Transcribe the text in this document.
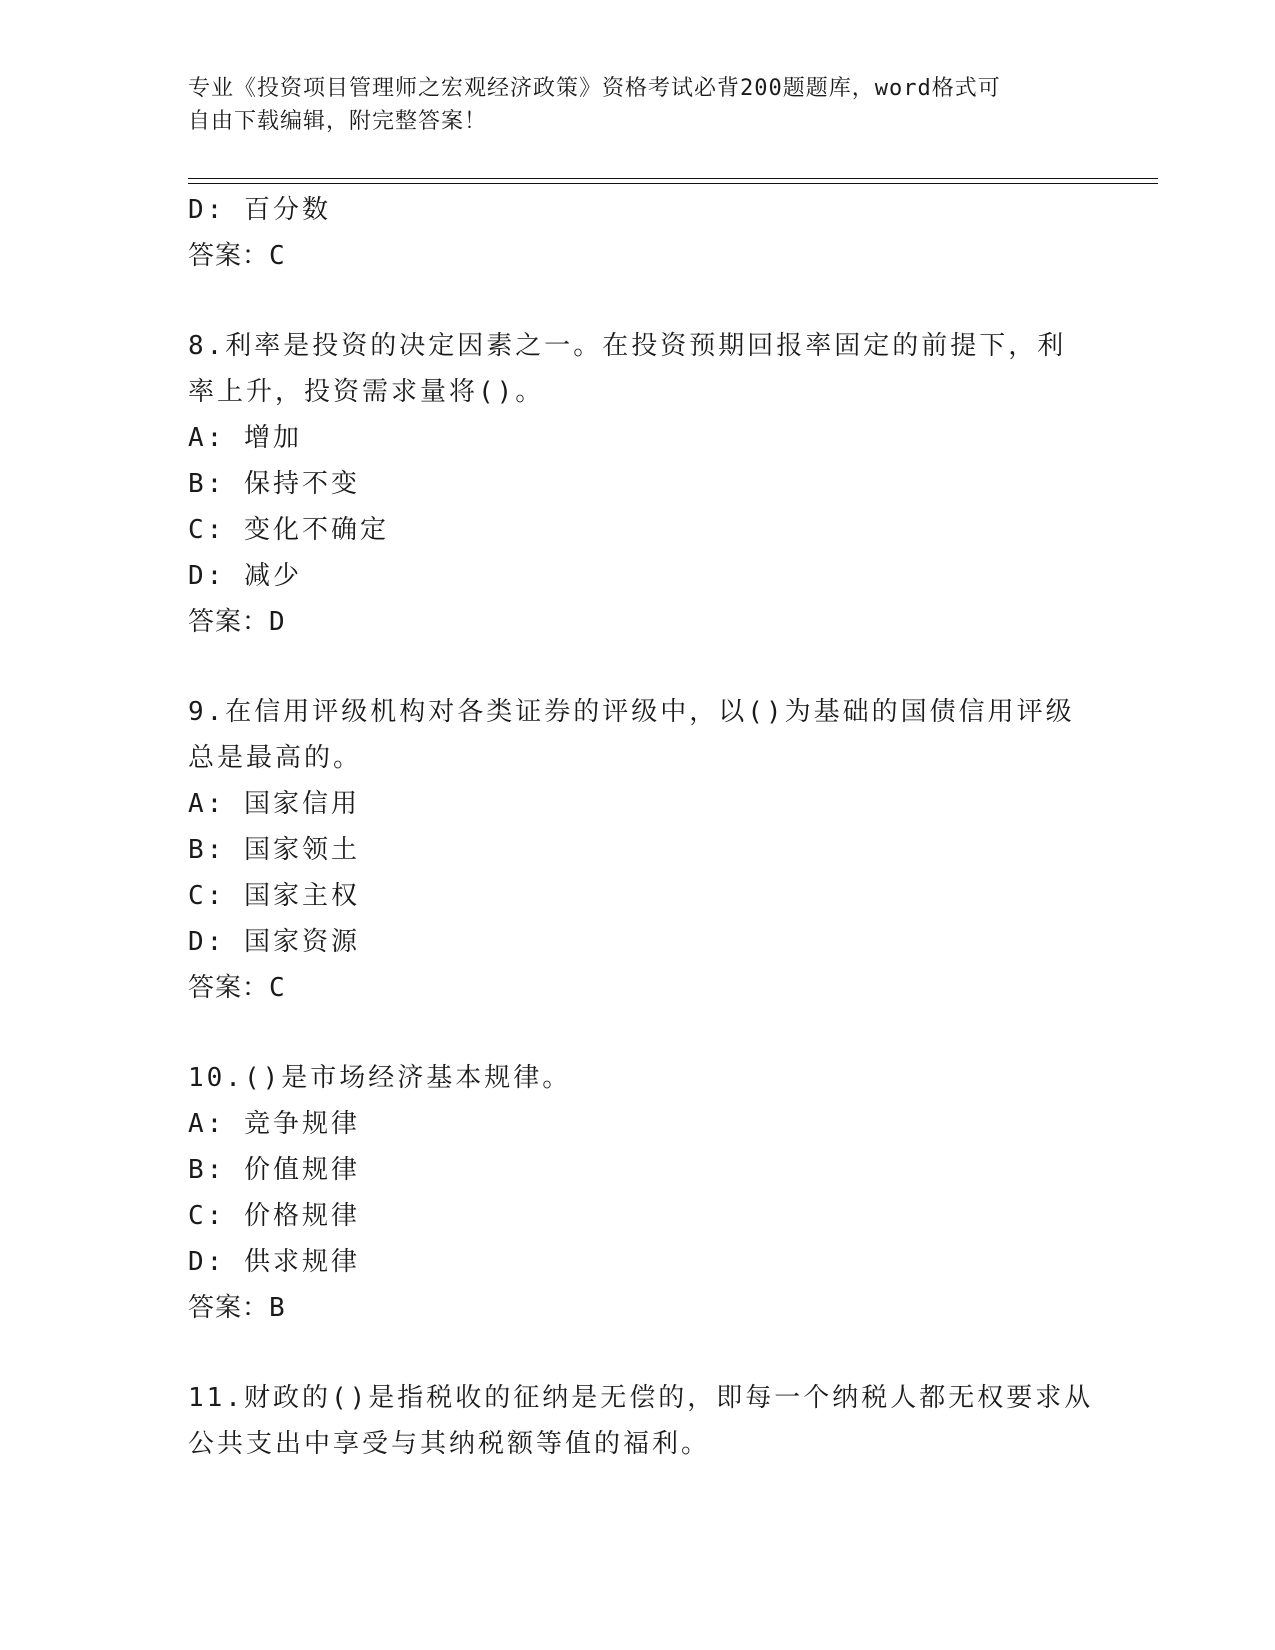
专业《投资项目管理师之宏观经济政策》资格考试必背200题题库，word格式可
自由下载编辑，附完整答案！
D: 百分数
答案：C
8.利率是投资的决定因素之一。在投资预期回报率固定的前提下，利
率上升，投资需求量将()。
A: 增加
B: 保持不变
C: 变化不确定
D: 减少
答案：D
9.在信用评级机构对各类证券的评级中，以()为基础的国债信用评级
总是最高的。
A: 国家信用
B: 国家领土
C: 国家主权
D: 国家资源
答案：C
10.()是市场经济基本规律。
A: 竞争规律
B: 价值规律
C: 价格规律
D: 供求规律
答案：B
11.财政的()是指税收的征纳是无偿的，即每一个纳税人都无权要求从
公共支出中享受与其纳税额等值的福利。
